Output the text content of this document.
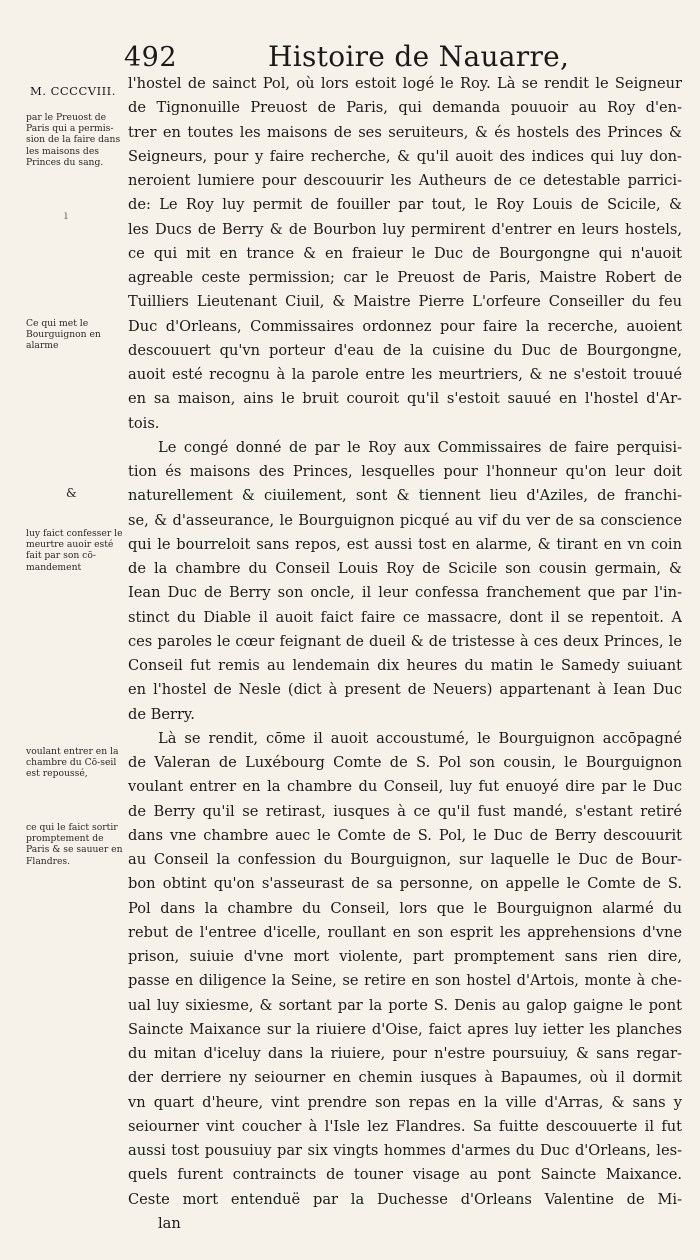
492	Histoire de Nauarre,
M. CCCCVIII.
par le Preuost de Paris qui a permis-sion de la faire dans les maisons des Princes du sang.
ı
Ce qui met le Bourguignon en alarme
&
luy faict confesser le meurtre auoir esté fait par son cō-mandement
voulant entrer en la chambre du Cō-seil est repoussé,
ce qui le faict sortir promptement de Paris & se sauuer en Flandres.
l'hostel de sainct Pol, où lors estoit logé le Roy. Là se rendit le Seigneur
de Tignonuille Preuost de Paris, qui demanda pouuoir au Roy d'en-
trer en toutes les maisons de ses seruiteurs, & és hostels des Princes &
Seigneurs, pour y faire recherche, & qu'il auoit des indices qui luy don-
neroient lumiere pour descouurir les Autheurs de ce detestable parrici-
de: Le Roy luy permit de fouiller par tout, le Roy Louis de Scicile, &
les Ducs de Berry & de Bourbon luy permirent d'entrer en leurs hostels,
ce qui mit en trance & en fraieur le Duc de Bourgongne qui n'auoit
agreable ceste permission; car le Preuost de Paris, Maistre Robert de
Tuilliers Lieutenant Ciuil, & Maistre Pierre L'orfeure Conseiller du feu
Duc d'Orleans, Commissaires ordonnez pour faire la recerche, auoient
descouuert qu'vn porteur d'eau de la cuisine du Duc de Bourgongne,
auoit esté recognu à la parole entre les meurtriers, & ne s'estoit trouué
en sa maison, ains le bruit couroit qu'il s'estoit sauué en l'hostel d'Ar-
tois.
Le congé donné de par le Roy aux Commissaires de faire perquisi-
tion és maisons des Princes, lesquelles pour l'honneur qu'on leur doit
naturellement & ciuilement, sont & tiennent lieu d'Aziles, de franchi-
se, & d'asseurance, le Bourguignon picqué au vif du ver de sa conscience
qui le bourreloit sans repos, est aussi tost en alarme, & tirant en vn coin
de la chambre du Conseil Louis Roy de Scicile son cousin germain, &
Iean Duc de Berry son oncle, il leur confessa franchement que par l'in-
stinct du Diable il auoit faict faire ce massacre, dont il se repentoit. A
ces paroles le cœur feignant de dueil & de tristesse à ces deux Princes, le
Conseil fut remis au lendemain dix heures du matin le Samedy suiuant
en l'hostel de Nesle (dict à present de Neuers) appartenant à Iean Duc
de Berry.
Là se rendit, cōme il auoit accoustumé, le Bourguignon accōpagné
de Valeran de Luxébourg Comte de S. Pol son cousin, le Bourguignon
voulant entrer en la chambre du Conseil, luy fut enuoyé dire par le Duc
de Berry qu'il se retirast, iusques à ce qu'il fust mandé, s'estant retiré
dans vne chambre auec le Comte de S. Pol, le Duc de Berry descouurit
au Conseil la confession du Bourguignon, sur laquelle le Duc de Bour-
bon obtint qu'on s'asseurast de sa personne, on appelle le Comte de S.
Pol dans la chambre du Conseil, lors que le Bourguignon alarmé du
rebut de l'entree d'icelle, roullant en son esprit les apprehensions d'vne
prison, suiuie d'vne mort violente, part promptement sans rien dire,
passe en diligence la Seine, se retire en son hostel d'Artois, monte à che-
ual luy sixiesme, & sortant par la porte S. Denis au galop gaigne le pont
Saincte Maixance sur la riuiere d'Oise, faict apres luy ietter les planches
du mitan d'iceluy dans la riuiere, pour n'estre poursuiuy, & sans regar-
der derriere ny seiourner en chemin iusques à Bapaumes, où il dormit
vn quart d'heure, vint prendre son repas en la ville d'Arras, & sans y
seiourner vint coucher à l'Isle lez Flandres. Sa fuitte descouuerte il fut
aussi tost pousuiuy par six vingts hommes d'armes du Duc d'Orleans, les-
quels furent contraincts de touner visage au pont Saincte Maixance.
Ceste mort entenduë par la Duchesse d'Orleans Valentine de Mi-
lan
